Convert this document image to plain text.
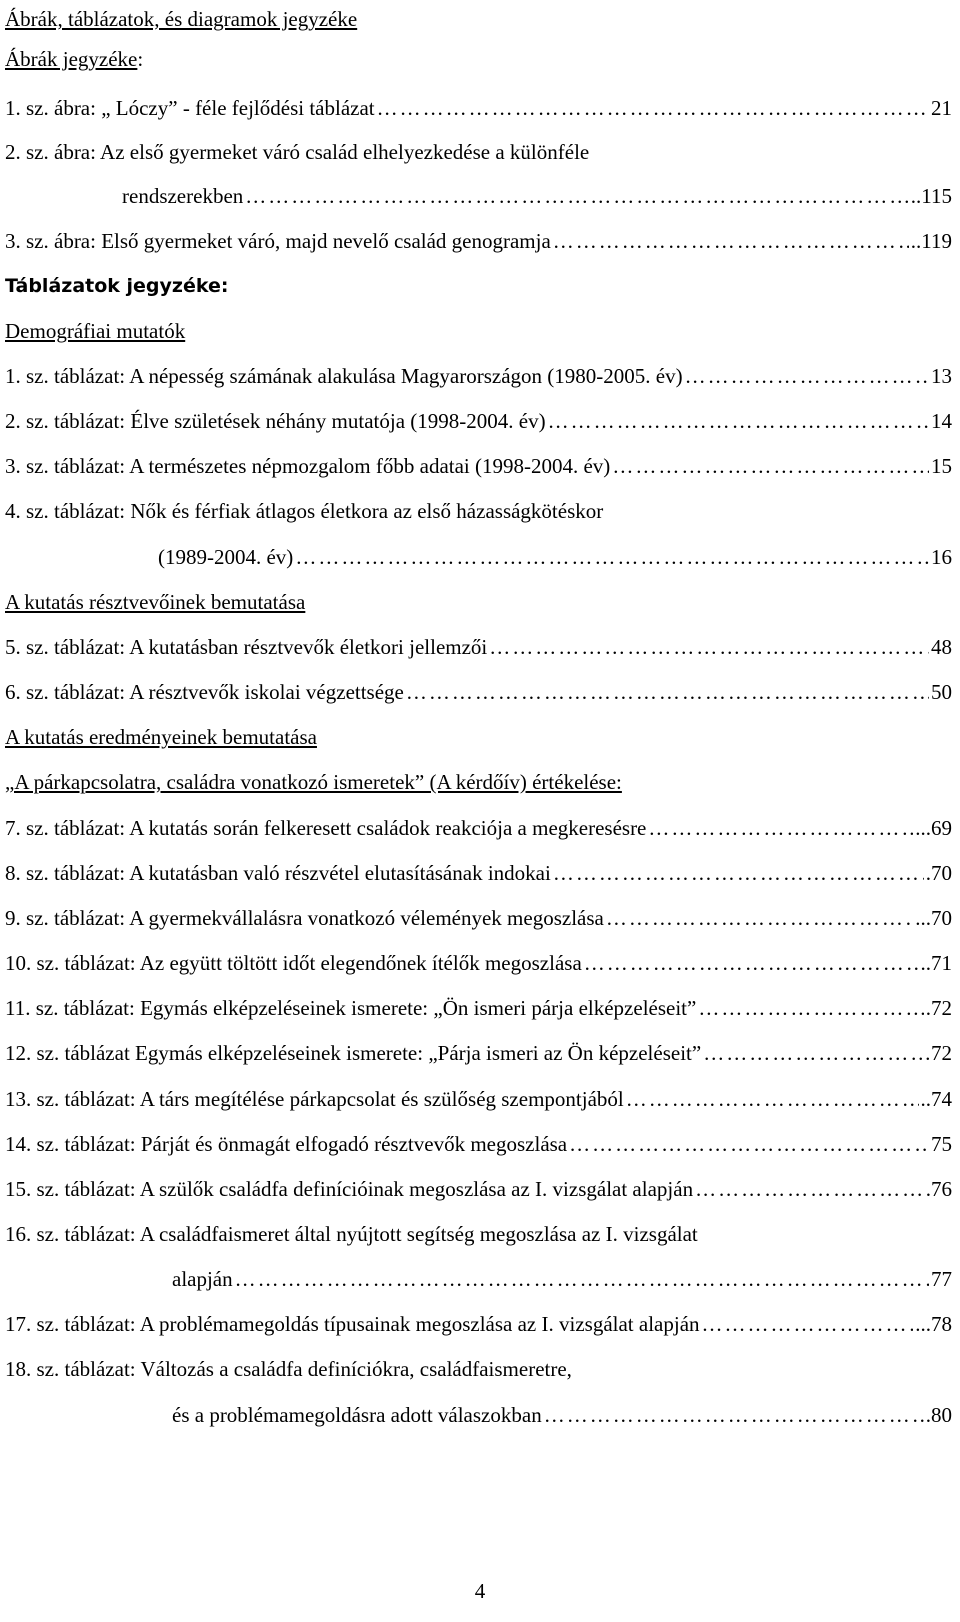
Ábrák, táblázatok, és diagramok jegyzéke
Ábrák jegyzéke:
1. sz. ábra: „ Lóczy” - féle fejlődési táblázat …………………………………………………………………………………………………………………………………………	21
2. sz. ábra: Az első gyermeket váró család elhelyezkedése a különféle
rendszerekben …………………………………………………………………………………………………………………………………………	..115
3. sz. ábra: Első gyermeket váró, majd nevelő család genogramja …………………………………………………………………………………………………………………………………………	..119
Táblázatok jegyzéke:
Demográfiai mutatók
1. sz. táblázat: A népesség számának alakulása Magyarországon (1980-2005. év) …………………………………………………………………………………………………………………………………………	13
2. sz. táblázat: Élve születések néhány mutatója (1998-2004. év) …………………………………………………………………………………………………………………………………………	14
3. sz. táblázat: A természetes népmozgalom főbb adatai (1998-2004. év) …………………………………………………………………………………………………………………………………………	15
4. sz. táblázat: Nők és férfiak átlagos életkora az első házasságkötéskor
(1989-2004. év) …………………………………………………………………………………………………………………………………………	16
A kutatás résztvevőinek bemutatása
5. sz. táblázat: A kutatásban résztvevők életkori jellemzői …………………………………………………………………………………………………………………………………………	48
6. sz. táblázat: A résztvevők iskolai végzettsége …………………………………………………………………………………………………………………………………………	50
A kutatás eredményeinek bemutatása
„A párkapcsolatra, családra vonatkozó ismeretek” (A kérdőív) értékelése:
7. sz. táblázat: A kutatás során felkeresett családok reakciója a megkeresésre …………………………………………………………………………………………………………………………………………	...69
8. sz. táblázat: A kutatásban való részvétel elutasításának indokai …………………………………………………………………………………………………………………………………………	.70
9. sz. táblázat: A gyermekvállalásra vonatkozó vélemények megoszlása …………………………………………………………………………………………………………………………………………	...70
10. sz. táblázat: Az együtt töltött időt elegendőnek ítélők megoszlása …………………………………………………………………………………………………………………………………………	..71
11. sz. táblázat: Egymás elképzeléseinek ismerete: „Ön ismeri párja elképzeléseit” …………………………………………………………………………………………………………………………………………	.72
12. sz. táblázat Egymás elképzeléseinek ismerete: „Párja ismeri az Ön képzeléseit” …………………………………………………………………………………………………………………………………………	72
13. sz. táblázat: A társ megítélése párkapcsolat és szülőség szempontjából …………………………………………………………………………………………………………………………………………	..74
14. sz. táblázat: Párját és önmagát elfogadó résztvevők megoszlása …………………………………………………………………………………………………………………………………………	75
15. sz. táblázat: A szülők családfa definícióinak megoszlása az I. vizsgálat alapján …………………………………………………………………………………………………………………………………………	.76
16. sz. táblázat: A családfaismeret által nyújtott segítség megoszlása az I. vizsgálat
alapján …………………………………………………………………………………………………………………………………………	77
17. sz. táblázat: A problémamegoldás típusainak megoszlása az I. vizsgálat alapján …………………………………………………………………………………………………………………………………………	...78
18. sz. táblázat: Változás a családfa definíciókra, családfaismeretre,
és a problémamegoldásra adott válaszokban …………………………………………………………………………………………………………………………………………	.80
4
